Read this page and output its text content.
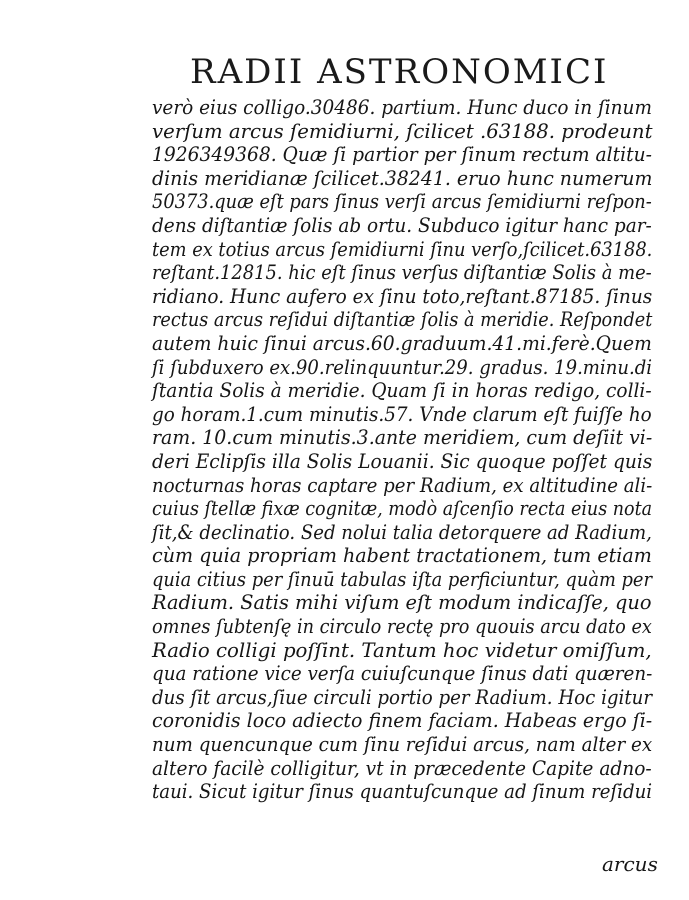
RADII ASTRONOMICI
verò eius colligo.30486. partium. Hunc duco in ſinum
verſum arcus ſemidiurni, ſcilicet .63188. prodeunt
1926349368. Quæ ſi partior per ſinum rectum altitu-
dinis meridianæ ſcilicet.38241. eruo hunc numerum
50373.quæ eſt pars ſinus verſi arcus ſemidiurni reſpon-
dens diſtantiæ ſolis ab ortu. Subduco igitur hanc par-
tem ex totius arcus ſemidiurni ſinu verſo,ſcilicet.63188.
reſtant.12815. hic eſt ſinus verſus diſtantiæ Solis à me-
ridiano. Hunc aufero ex ſinu toto,reſtant.87185. ſinus
rectus arcus reſidui diſtantiæ ſolis à meridie. Reſpondet
autem huic ſinui arcus.60.graduum.41.mi.ferè.Quem
ſi ſubduxero ex.90.relinquuntur.29. gradus. 19.minu.di
ſtantia Solis à meridie. Quam ſi in horas redigo, colli-
go horam.1.cum minutis.57. Vnde clarum eſt fuiſſe ho
ram. 10.cum minutis.3.ante meridiem, cum deſiit vi-
deri Eclipſis illa Solis Louanii. Sic quoque poſſet quis
nocturnas horas captare per Radium, ex altitudine ali-
cuius ſtellæ fixæ cognitæ, modò aſcenſio recta eius nota
ſit,& declinatio. Sed nolui talia detorquere ad Radium,
cùm quia propriam habent tractationem, tum etiam
quia citius per ſinuū tabulas iſta perficiuntur, quàm per
Radium. Satis mihi viſum eſt modum indicaſſe, quo
omnes ſubtenſę in circulo rectę pro quouis arcu dato ex
Radio colligi poſſint. Tantum hoc videtur omiſſum,
qua ratione vice verſa cuiuſcunque ſinus dati quæren-
dus ſit arcus,ſiue circuli portio per Radium. Hoc igitur
coronidis loco adiecto finem faciam. Habeas ergo ſi-
num quencunque cum ſinu reſidui arcus, nam alter ex
altero facilè colligitur, vt in præcedente Capite adno-
taui. Sicut igitur ſinus quantuſcunque ad ſinum reſidui
arcus
